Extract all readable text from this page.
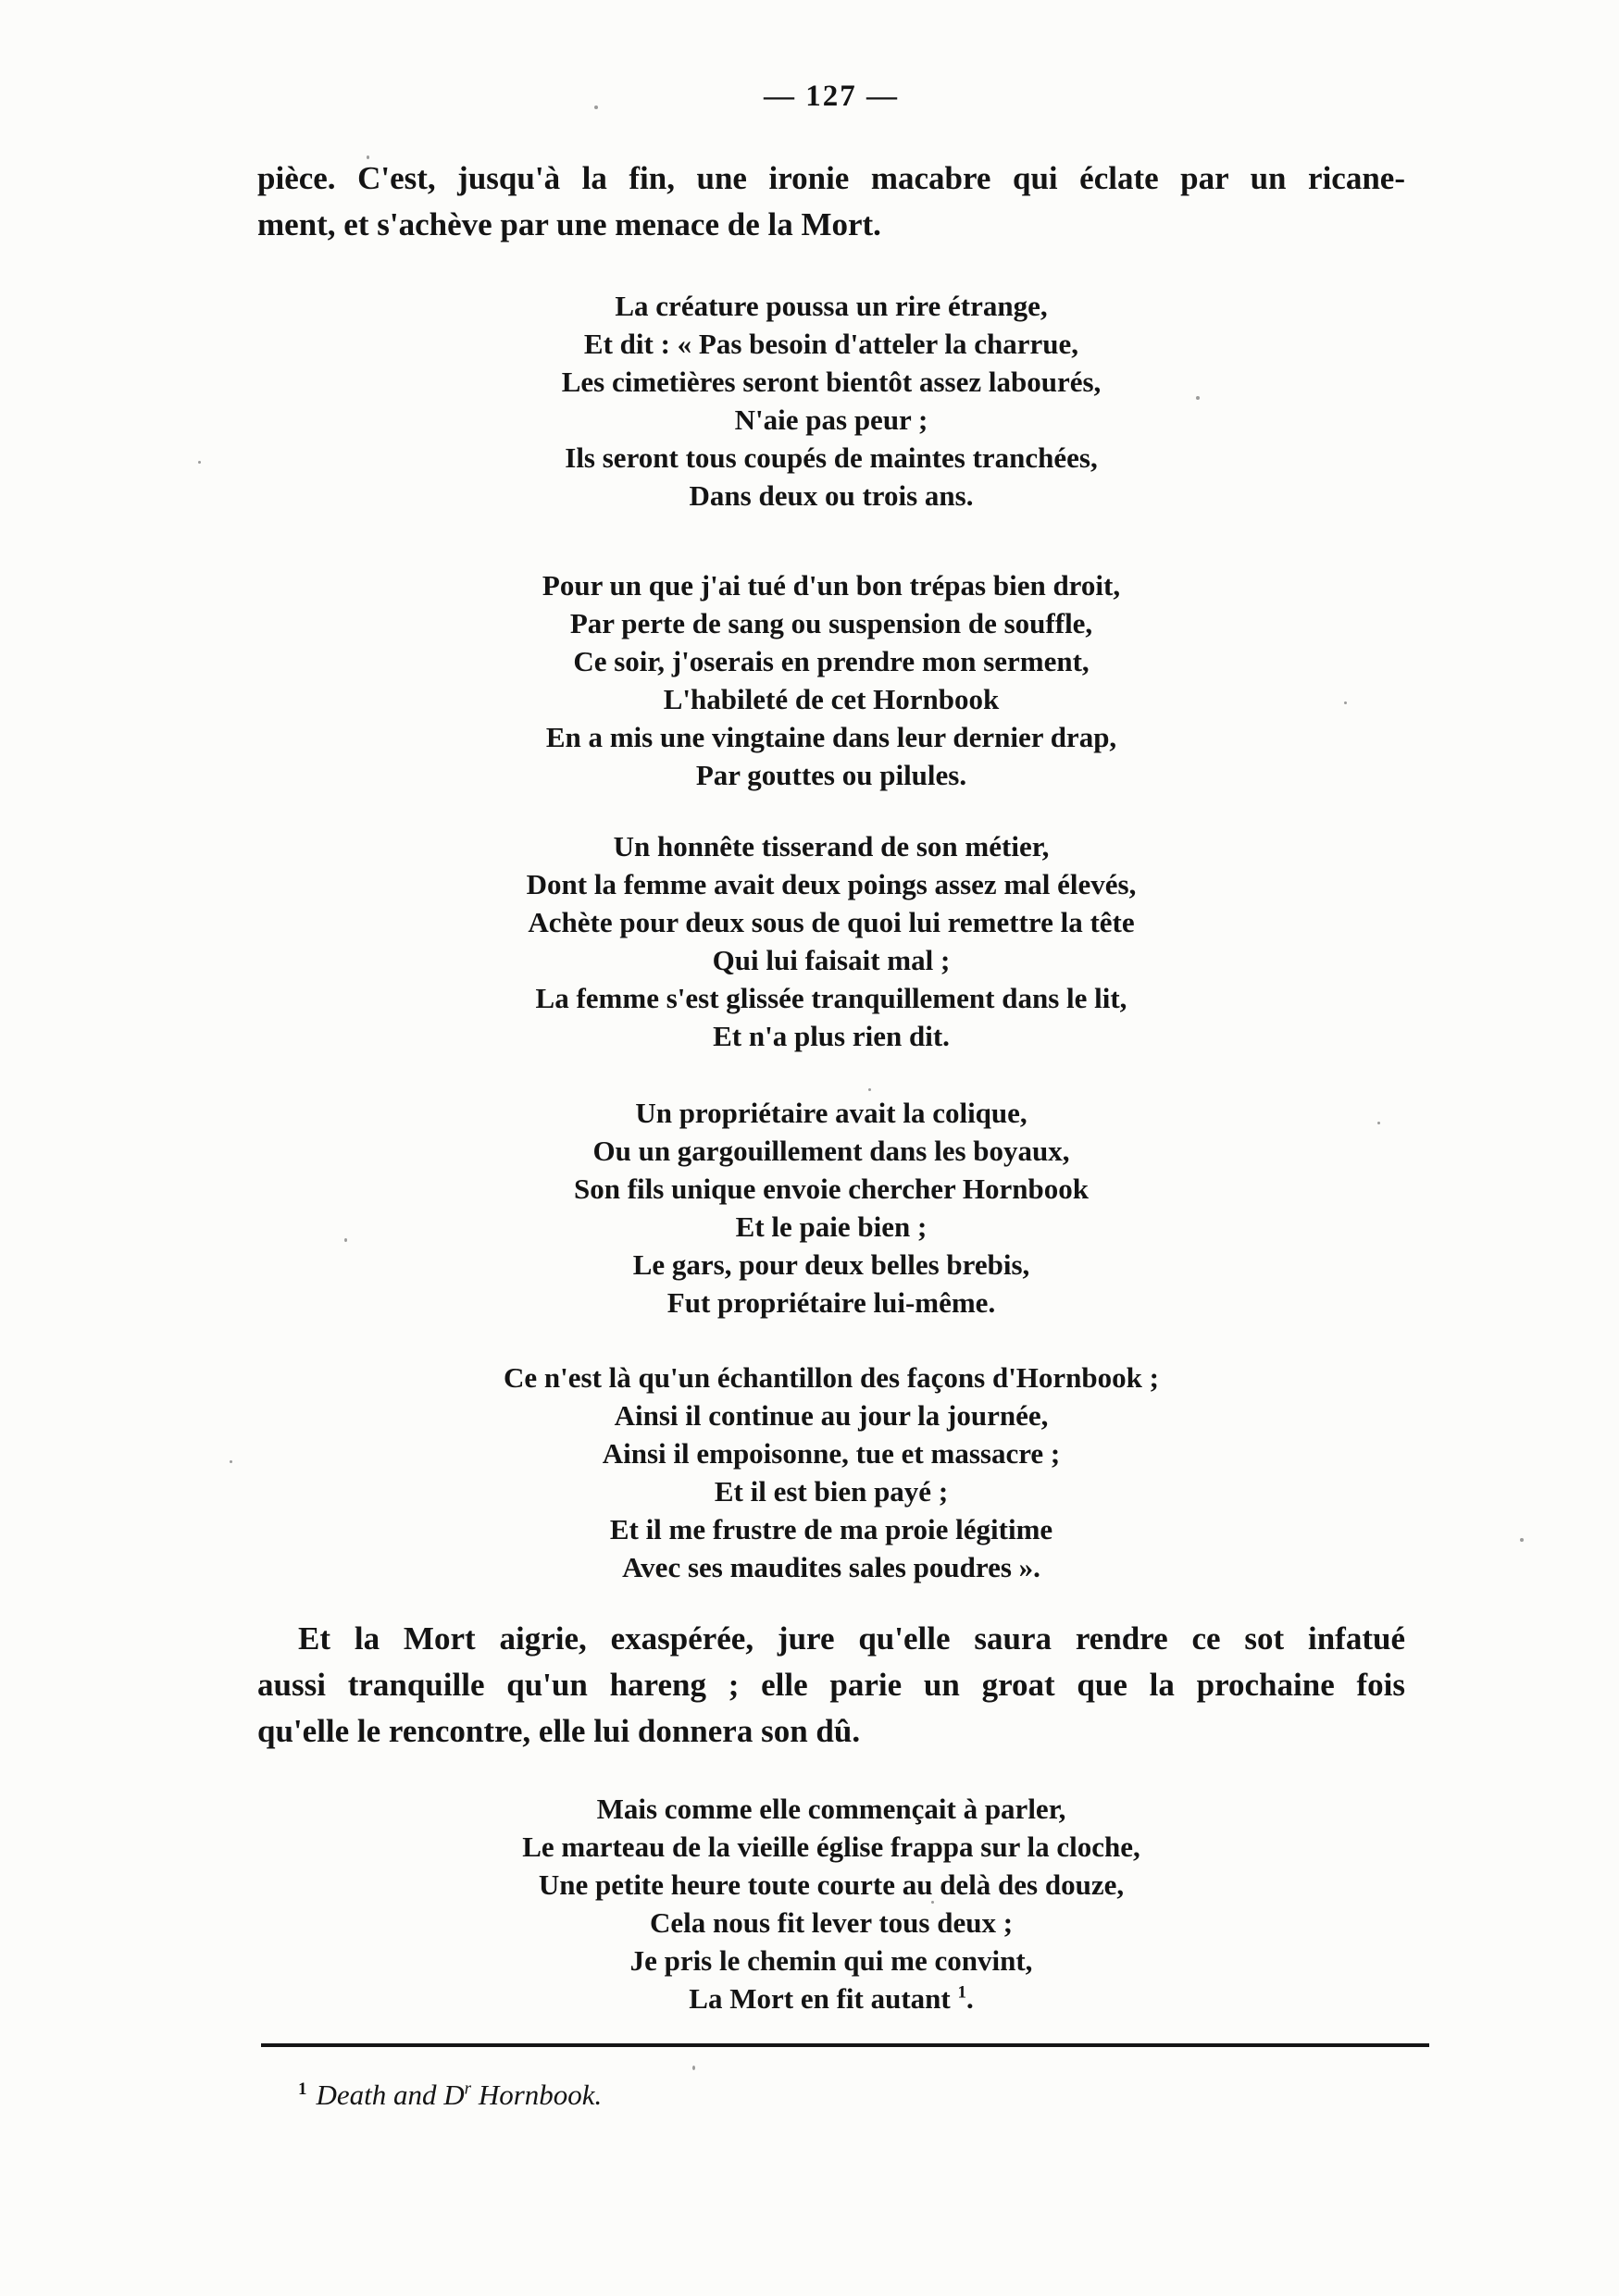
— 127 —
pièce. C'est, jusqu'à la fin, une ironie macabre qui éclate par un ricane-
ment, et s'achève par une menace de la Mort.
La créature poussa un rire étrange,
Et dit : « Pas besoin d'atteler la charrue,
Les cimetières seront bientôt assez labourés,
N'aie pas peur ;
Ils seront tous coupés de maintes tranchées,
Dans deux ou trois ans.
Pour un que j'ai tué d'un bon trépas bien droit,
Par perte de sang ou suspension de souffle,
Ce soir, j'oserais en prendre mon serment,
L'habileté de cet Hornbook
En a mis une vingtaine dans leur dernier drap,
Par gouttes ou pilules.
Un honnête tisserand de son métier,
Dont la femme avait deux poings assez mal élevés,
Achète pour deux sous de quoi lui remettre la tête
Qui lui faisait mal ;
La femme s'est glissée tranquillement dans le lit,
Et n'a plus rien dit.
Un propriétaire avait la colique,
Ou un gargouillement dans les boyaux,
Son fils unique envoie chercher Hornbook
Et le paie bien ;
Le gars, pour deux belles brebis,
Fut propriétaire lui-même.
Ce n'est là qu'un échantillon des façons d'Hornbook ;
Ainsi il continue au jour la journée,
Ainsi il empoisonne, tue et massacre ;
Et il est bien payé ;
Et il me frustre de ma proie légitime
Avec ses maudites sales poudres ».
Et la Mort aigrie, exaspérée, jure qu'elle saura rendre ce sot infatué
aussi tranquille qu'un hareng ; elle parie un groat que la prochaine fois
qu'elle le rencontre, elle lui donnera son dû.
Mais comme elle commençait à parler,
Le marteau de la vieille église frappa sur la cloche,
Une petite heure toute courte au delà des douze,
Cela nous fit lever tous deux ;
Je pris le chemin qui me convint,
La Mort en fit autant $^1$.
$^1$ Death and $D^r$ Hornbook.
